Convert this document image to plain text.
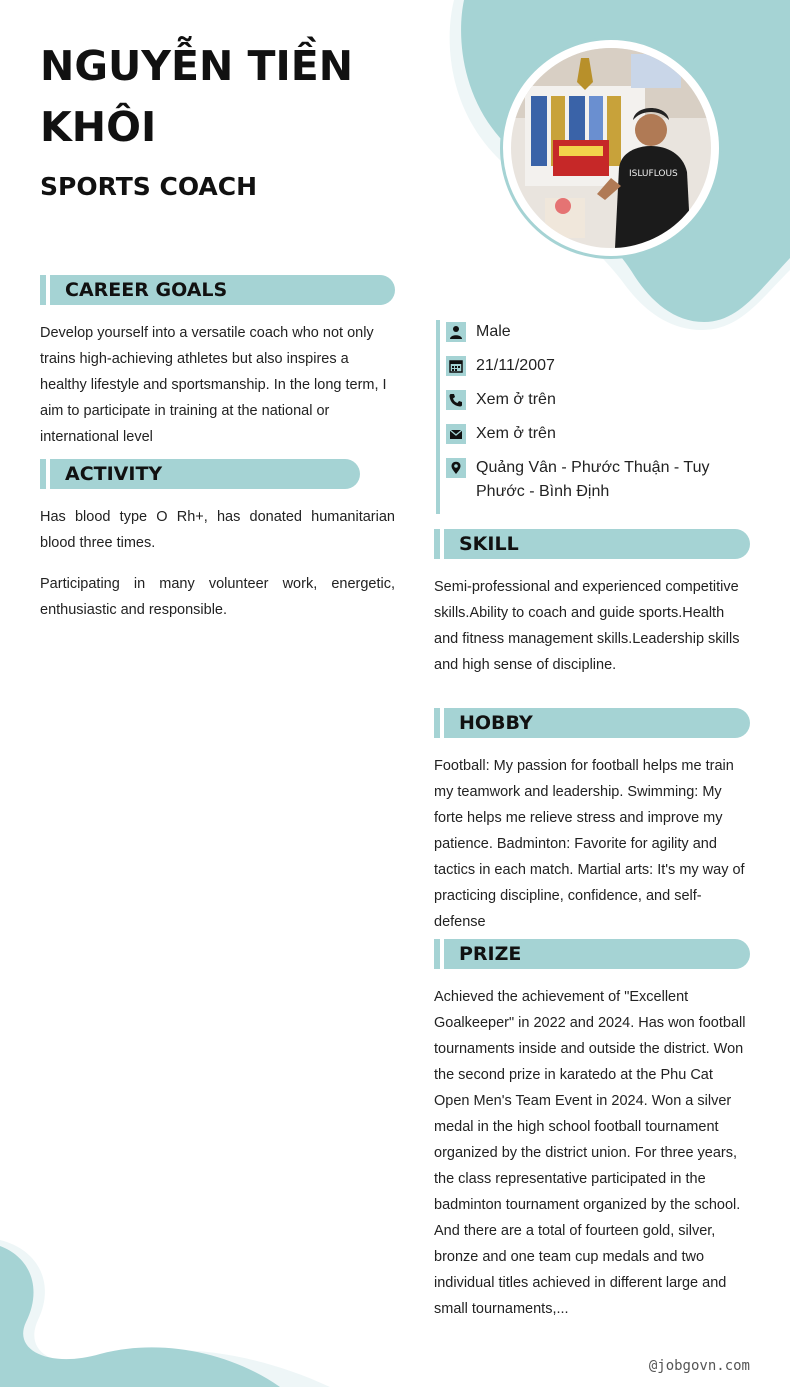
NGUYỄN TIỀN KHÔI
SPORTS COACH	ISLUFLOUS
CAREER GOALS

Develop yourself into a versatile coach who not only trains high-achieving athletes but also inspires a healthy lifestyle and sportsmanship. In the long term, I aim to participate in training at the national or international level

ACTIVITY

Has blood type O Rh+, has donated humanitarian blood three times.

Participating in many volunteer work, energetic, enthusiastic and responsible.

Male
21/11/2007
Xem ở trên
Xem ở trên
Quảng Vân - Phước Thuận - Tuy Phước - Bình Định
SKILL

Semi-professional and experienced competitive skills.Ability to coach and guide sports.Health and fitness management skills.Leadership skills and high sense of discipline.

HOBBY

Football: My passion for football helps me train my teamwork and leadership. Swimming: My forte helps me relieve stress and improve my patience. Badminton: Favorite for agility and tactics in each match. Martial arts: It's my way of practicing discipline, confidence, and self-defense

PRIZE

Achieved the achievement of "Excellent Goalkeeper" in 2022 and 2024. Has won football tournaments inside and outside the district. Won the second prize in karatedo at the Phu Cat Open Men's Team Event in 2024. Won a silver medal in the high school football tournament organized by the district union. For three years, the class representative participated in the badminton tournament organized by the school. And there are a total of fourteen gold, silver, bronze and one team cup medals and two individual titles achieved in different large and small tournaments,...

@jobgovn.com
